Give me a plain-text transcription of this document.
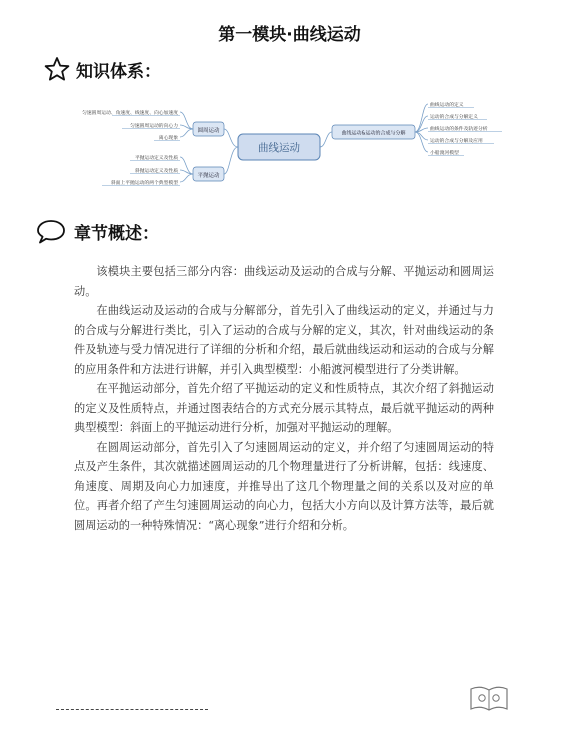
第一模块·曲线运动
知识体系：
曲线运动
圆周运动
平抛运动
曲线运动&运动的合成与分解
匀速圆周运动、角速度、线速度、向心加速度
匀速圆周运动的向心力
离心现象
平抛运动定义及性质
斜抛运动定义及性质
斜面上平抛运动的两个典型模型
曲线运动的定义
运动的合成与分解定义
曲线运动的条件及轨迹分析
运动的合成与分解及应用
小船渡河模型
章节概述：

该模块主要包括三部分内容：曲线运动及运动的合成与分解、平抛运动和圆周运动。

在曲线运动及运动的合成与分解部分，首先引入了曲线运动的定义，并通过与力的合成与分解进行类比，引入了运动的合成与分解的定义，其次，针对曲线运动的条件及轨迹与受力情况进行了详细的分析和介绍，最后就曲线运动和运动的合成与分解的应用条件和方法进行讲解，并引入典型模型：小船渡河模型进行了分类讲解。

在平抛运动部分，首先介绍了平抛运动的定义和性质特点，其次介绍了斜抛运动的定义及性质特点，并通过图表结合的方式充分展示其特点，最后就平抛运动的两种典型模型：斜面上的平抛运动进行分析，加强对平抛运动的理解。

在圆周运动部分，首先引入了匀速圆周运动的定义，并介绍了匀速圆周运动的特点及产生条件，其次就描述圆周运动的几个物理量进行了分析讲解，包括：线速度、角速度、周期及向心力加速度，并推导出了这几个物理量之间的关系以及对应的单位。再者介绍了产生匀速圆周运动的向心力，包括大小方向以及计算方法等，最后就圆周运动的一种特殊情况：“离心现象”进行介绍和分析。
